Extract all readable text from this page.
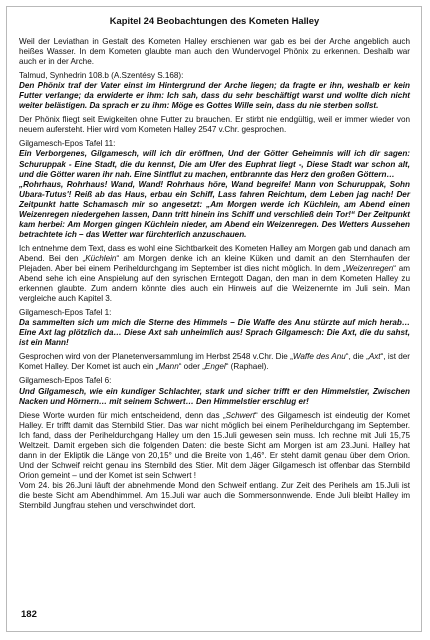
Kapitel 24 Beobachtungen des Kometen Halley

Weil der Leviathan in Gestalt des Kometen Halley erschienen war gab es bei der Arche angeblich auch heißes Wasser. In dem Kometen glaubte man auch den Wundervogel Phönix zu erkennen. Deshalb war auch er in der Arche.

Talmud, Synhedrin 108.b (A.Szentésy S.168):
Den Phönix traf der Vater einst im Hintergrund der Arche liegen; da fragte er ihn, weshalb er kein Futter verlange; da erwiderte er ihm: Ich sah, dass du sehr beschäftigt warst und wollte dich nicht weiter belästigen. Da sprach er zu ihm: Möge es Gottes Wille sein, dass du nie sterben sollst.

Der Phönix fliegt seit Ewigkeiten ohne Futter zu brauchen. Er stirbt nie endgültig, weil er immer wieder von neuem aufersteht. Hier wird vom Kometen Halley 2547 v.Chr. gesprochen.

Gilgamesch-Epos Tafel 11:
Ein Verborgenes, Gilgamesch, will ich dir eröffnen, Und der Götter Geheimnis will ich dir sagen: Schuruppak - Eine Stadt, die du kennst, Die am Ufer des Euphrat liegt -, Diese Stadt war schon alt, und die Götter waren ihr nah. Eine Sintflut zu machen, entbrannte das Herz den großen Göttern…
„Rohrhaus, Rohrhaus! Wand, Wand! Rohrhaus höre, Wand begreife! Mann von Schuruppak, Sohn Ubara-Tutus'! Reiß ab das Haus, erbau ein Schiff, Lass fahren Reichtum, dem Leben jag nach! Der Zeitpunkt hatte Schamasch mir so angesetzt: „Am Morgen werde ich Küchlein, am Abend einen Weizenregen niedergehen lassen, Dann tritt hinein ins Schiff und verschließ dein Tor!“ Der Zeitpunkt kam herbei: Am Morgen gingen Küchlein nieder, am Abend ein Weizenregen. Des Wetters Aussehen betrachtete ich – das Wetter war fürchterlich anzuschauen.

Ich entnehme dem Text, dass es wohl eine Sichtbarkeit des Kometen Halley am Morgen gab und danach am Abend. Bei den „Küchlein“ am Morgen denke ich an kleine Küken und damit an den Sternhaufen der Plejaden. Aber bei einem Periheldurchgang im September ist dies nicht möglich. In dem „Weizenregen“ am Abend sehe ich eine Anspielung auf den syrischen Erntegott Dagan, den man in dem Kometen Halley zu erkennen glaubte. Zum andern könnte dies auch ein Hinweis auf die Weizenernte im Juli sein. Man vergleiche auch Kapitel 3.

Gilgamesch-Epos Tafel 1:
Da sammelten sich um mich die Sterne des Himmels – Die Waffe des Anu stürzte auf mich herab… Eine Axt lag plötzlich da… Diese Axt sah unheimlich aus! Sprach Gilgamesch: Die Axt, die du sahst, ist ein Mann!

Gesprochen wird von der Planetenversammlung im Herbst 2548 v.Chr. Die „Waffe des Anu“, die „Axt“, ist der Komet Halley. Der Komet ist auch ein „Mann“ oder „Engel“ (Raphael).

Gilgamesch-Epos Tafel 6:
Und Gilgamesch, wie ein kundiger Schlachter, stark und sicher trifft er den Himmelstier, Zwischen Nacken und Hörnern… mit seinem Schwert… Den Himmelstier erschlug er!

Diese Worte wurden für mich entscheidend, denn das „Schwert“ des Gilgamesch ist eindeutig der Komet Halley. Er trifft damit das Sternbild Stier. Das war nicht möglich bei einem Periheldurchgang im September. Ich fand, dass der Periheldurchgang Halley um den 15.Juli gewesen sein muss. Ich rechne mit Juli 15,75 Weltzeit. Damit ergeben sich die folgenden Daten: die beste Sicht am Morgen ist am 23.Juni. Halley hat dann in der Ekliptik die Länge von 20,15° und die Breite von 1,46°. Er steht damit genau über dem Orion. Und der Schweif reicht genau ins Sternbild des Stier. Mit dem Jäger Gilgamesch ist offenbar das Sternbild Orion gemeint – und der Komet ist sein Schwert !

Vom 24. bis 26.Juni läuft der abnehmende Mond den Schweif entlang. Zur Zeit des Perihels am 15.Juli ist die beste Sicht am Abendhimmel. Am 15.Juli war auch die Sommersonnwende. Ende Juli bleibt Halley im Sternbild Jungfrau stehen und verschwindet dort.

182
